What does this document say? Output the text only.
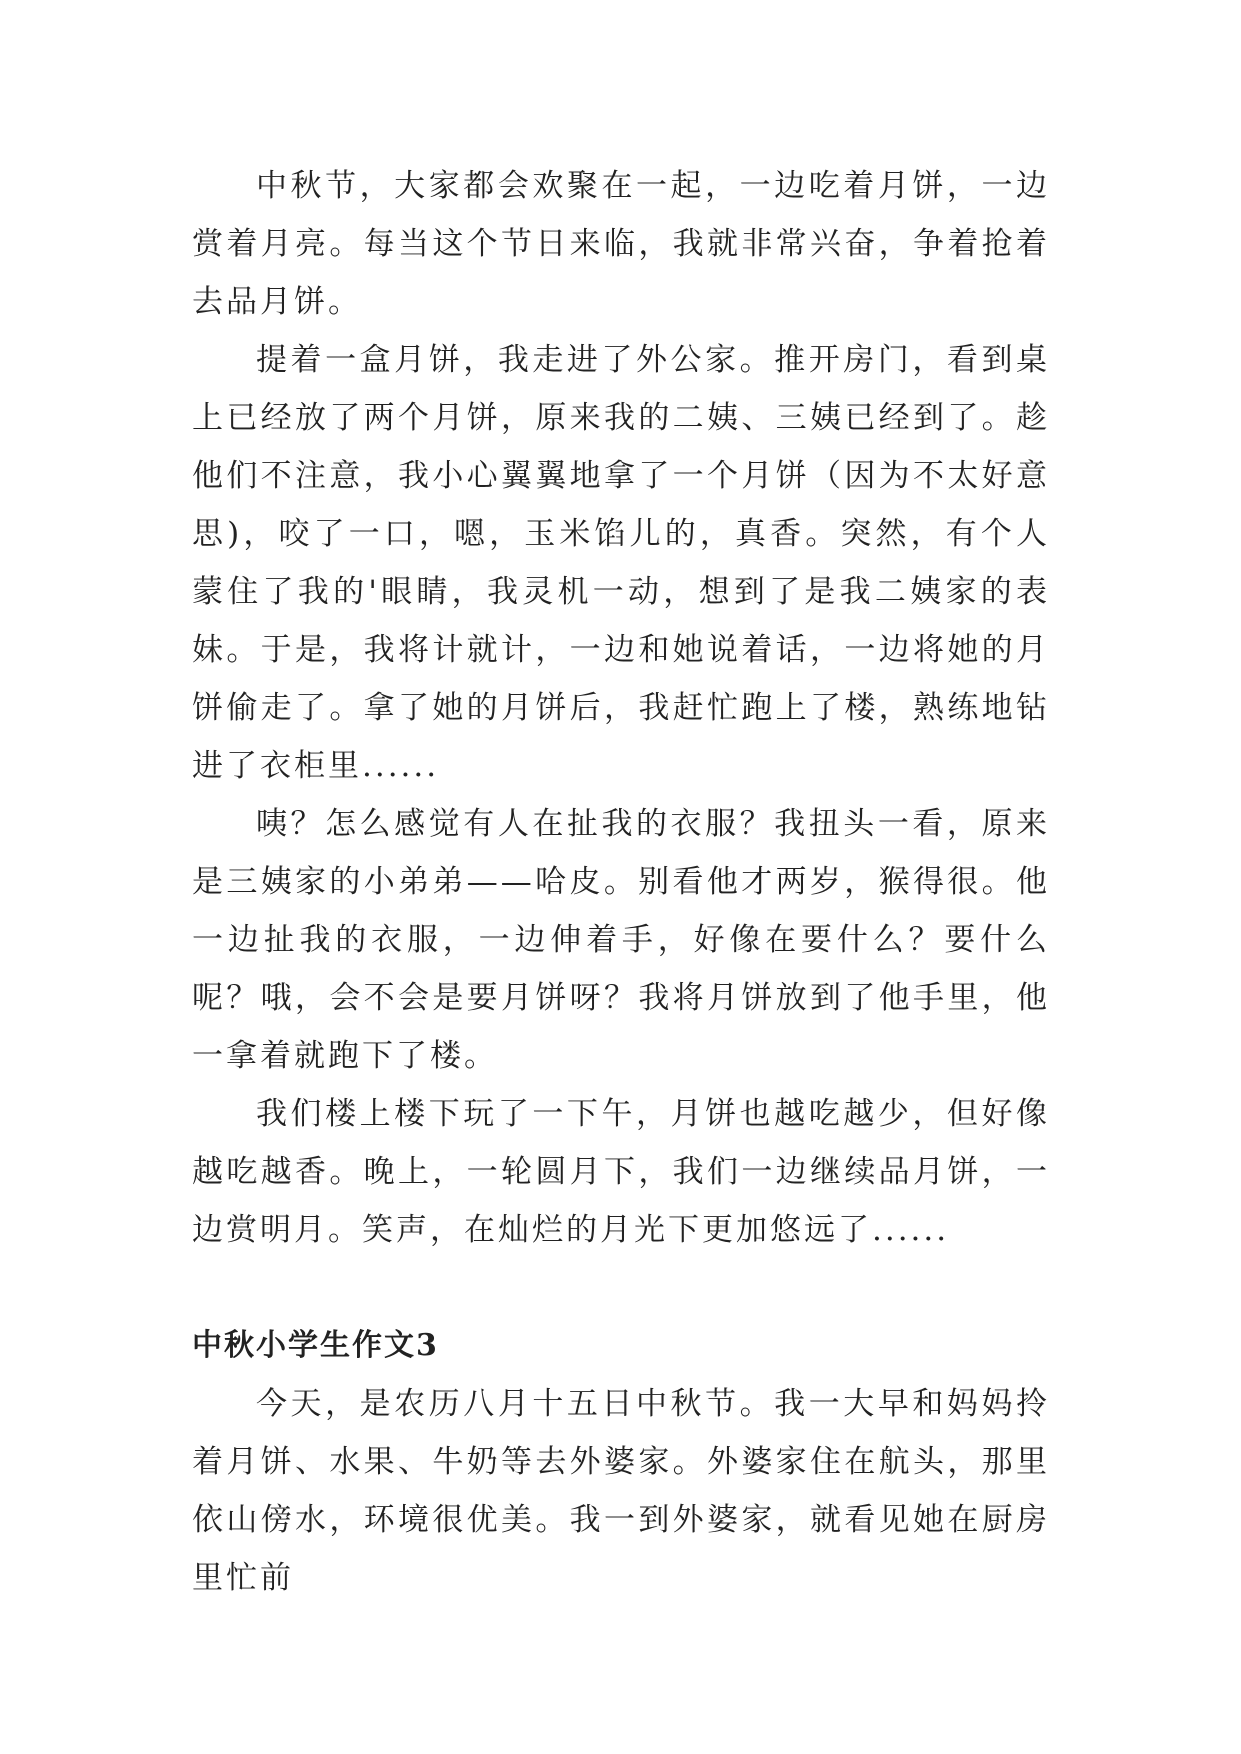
中秋节，大家都会欢聚在一起，一边吃着月饼，一边赏着月亮。每当这个节日来临，我就非常兴奋，争着抢着去品月饼。

提着一盒月饼，我走进了外公家。推开房门，看到桌上已经放了两个月饼，原来我的二姨、三姨已经到了。趁他们不注意，我小心翼翼地拿了一个月饼（因为不太好意思)，咬了一口，嗯，玉米馅儿的，真香。突然，有个人蒙住了我的'眼睛，我灵机一动，想到了是我二姨家的表妹。于是，我将计就计，一边和她说着话，一边将她的月饼偷走了。拿了她的月饼后，我赶忙跑上了楼，熟练地钻进了衣柜里......

咦？怎么感觉有人在扯我的衣服？我扭头一看，原来是三姨家的小弟弟——哈皮。别看他才两岁，猴得很。他一边扯我的衣服，一边伸着手，好像在要什么？要什么呢？哦，会不会是要月饼呀？我将月饼放到了他手里，他一拿着就跑下了楼。

我们楼上楼下玩了一下午，月饼也越吃越少，但好像越吃越香。晚上，一轮圆月下，我们一边继续品月饼，一边赏明月。笑声，在灿烂的月光下更加悠远了......

中秋小学生作文3

今天，是农历八月十五日中秋节。我一大早和妈妈拎着月饼、水果、牛奶等去外婆家。外婆家住在航头，那里依山傍水，环境很优美。我一到外婆家，就看见她在厨房里忙前
